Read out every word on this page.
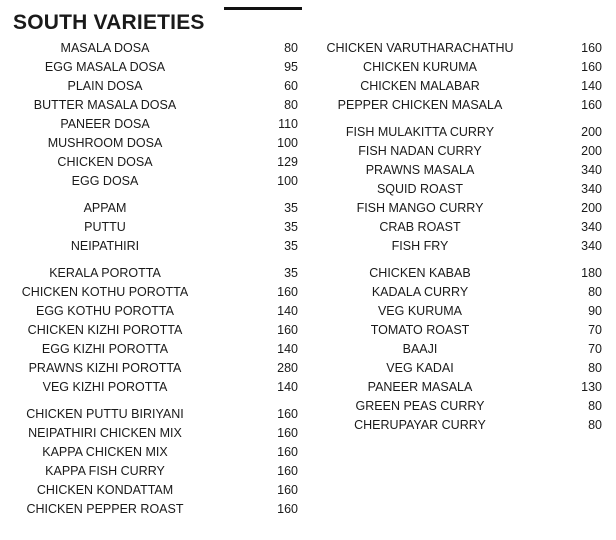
SOUTH VARIETIES
MASALA DOSA	80
EGG MASALA DOSA	95
PLAIN DOSA	60
BUTTER MASALA DOSA	80
PANEER DOSA	110
MUSHROOM DOSA	100
CHICKEN DOSA	129
EGG DOSA	100
APPAM	35
PUTTU	35
NEIPATHIRI	35
KERALA POROTTA	35
CHICKEN KOTHU POROTTA	160
EGG KOTHU POROTTA	140
CHICKEN KIZHI POROTTA	160
EGG KIZHI POROTTA	140
PRAWNS KIZHI POROTTA	280
VEG KIZHI POROTTA	140
CHICKEN PUTTU BIRIYANI	160
NEIPATHIRI CHICKEN MIX	160
KAPPA CHICKEN MIX	160
KAPPA FISH CURRY	160
CHICKEN KONDATTAM	160
CHICKEN PEPPER ROAST	160
CHICKEN VARUTHARACHATHU	160
CHICKEN KURUMA	160
CHICKEN MALABAR	140
PEPPER CHICKEN MASALA	160
FISH MULAKITTA CURRY	200
FISH NADAN CURRY	200
PRAWNS MASALA	340
SQUID ROAST	340
FISH MANGO CURRY	200
CRAB ROAST	340
FISH FRY	340
CHICKEN KABAB	180
KADALA CURRY	80
VEG KURUMA	90
TOMATO ROAST	70
BAAJI	70
VEG KADAI	80
PANEER MASALA	130
GREEN PEAS CURRY	80
CHERUPAYAR CURRY	80
